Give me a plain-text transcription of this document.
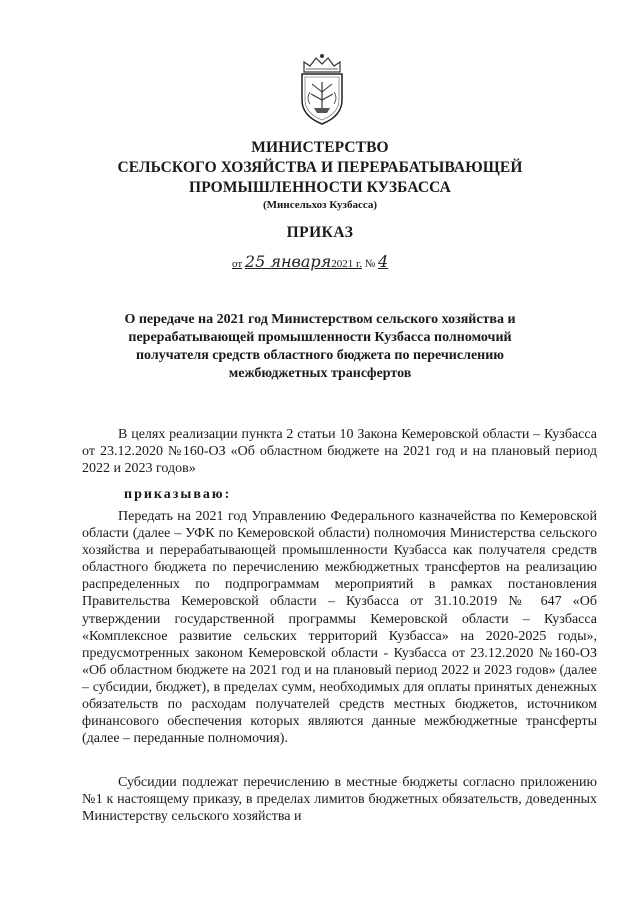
МИНИСТЕРСТВО
СЕЛЬСКОГО ХОЗЯЙСТВА И ПЕРЕРАБАТЫВАЮЩЕЙ
ПРОМЫШЛЕННОСТИ КУЗБАССА
(Минсельхоз Кузбасса)
ПРИКАЗ
от 25 января2021 г. № 4
О передаче на 2021 год Министерством сельского хозяйства и перерабатывающей промышленности Кузбасса полномочий получателя средств областного бюджета по перечислению межбюджетных трансфертов
В целях реализации пункта 2 статьи 10 Закона Кемеровской области – Кузбасса от 23.12.2020 №160-ОЗ «Об областном бюджете на 2021 год и на плановый период 2022 и 2023 годов»
приказываю:
Передать на 2021 год Управлению Федерального казначейства по Кемеровской области (далее – УФК по Кемеровской области) полномочия Министерства сельского хозяйства и перерабатывающей промышленности Кузбасса как получателя средств областного бюджета по перечислению межбюджетных трансфертов на реализацию распределенных по подпрограммам мероприятий в рамках постановления Правительства Кемеровской области – Кузбасса от 31.10.2019 № 647 «Об утверждении государственной программы Кемеровской области – Кузбасса «Комплексное развитие сельских территорий Кузбасса» на 2020-2025 годы», предусмотренных законом Кемеровской области - Кузбасса от 23.12.2020 №160-ОЗ «Об областном бюджете на 2021 год и на плановый период 2022 и 2023 годов» (далее – субсидии, бюджет), в пределах сумм, необходимых для оплаты принятых денежных обязательств по расходам получателей средств местных бюджетов, источником финансового обеспечения которых являются данные межбюджетные трансферты (далее – переданные полномочия).
Субсидии подлежат перечислению в местные бюджеты согласно приложению №1 к настоящему приказу, в пределах лимитов бюджетных обязательств, доведенных Министерству сельского хозяйства и
